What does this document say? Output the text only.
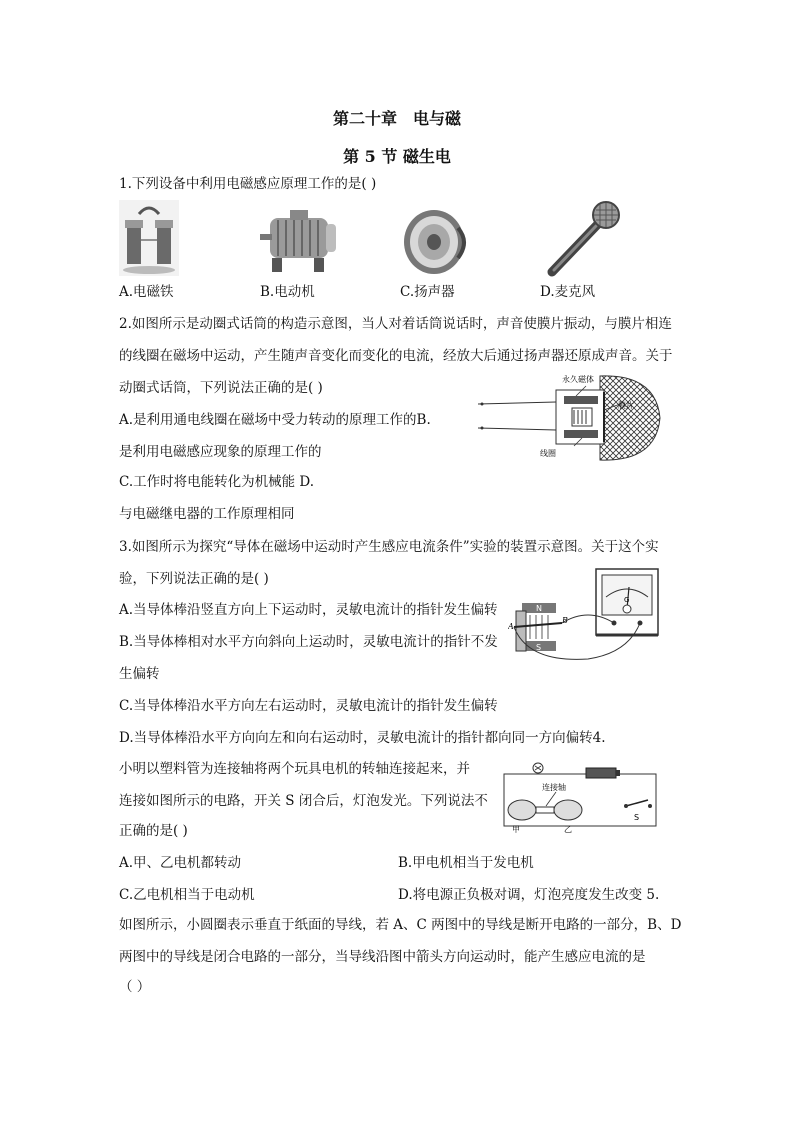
第二十章　电与磁
第 5 节 磁生电
1.下列设备中利用电磁感应原理工作的是( )
A.电磁铁	B.电动机	C.扬声器	D.麦克风
2.如图所示是动圈式话筒的构造示意图，当人对着话筒说话时，声音使膜片振动，与膜片相连
的线圈在磁场中运动，产生随声音变化而变化的电流，经放大后通过扬声器还原成声音。关于
动圈式话筒，下列说法正确的是( )
A.是利用通电线圈在磁场中受力转动的原理工作的B.
是利用电磁感应现象的原理工作的
C.工作时将电能转化为机械能 D.
与电磁继电器的工作原理相同
永久磁体
膜片
线圈
3.如图所示为探究“导体在磁场中运动时产生感应电流条件”实验的装置示意图。关于这个实
验，下列说法正确的是( )
A.当导体棒沿竖直方向上下运动时，灵敏电流计的指针发生偏转
B.当导体棒相对水平方向斜向上运动时，灵敏电流计的指针不发
生偏转
C.当导体棒沿水平方向左右运动时，灵敏电流计的指针发生偏转
D.当导体棒沿水平方向向左和向右运动时，灵敏电流计的指针都向同一方向偏转4.
G
N
S
A
B
小明以塑料管为连接轴将两个玩具电机的转轴连接起来，并
连接如图所示的电路，开关 S 闭合后，灯泡发光。下列说法不
正确的是( )
A.甲、乙电机都转动	B.甲电机相当于发电机
C.乙电机相当于电动机	D.将电源正负极对调，灯泡亮度发生改变 5.
连接轴
甲	乙
S
如图所示，小圆圈表示垂直于纸面的导线，若 A、C 两图中的导线是断开电路的一部分，B、D
两图中的导线是闭合电路的一部分，当导线沿图中箭头方向运动时，能产生感应电流的是
（ ）
